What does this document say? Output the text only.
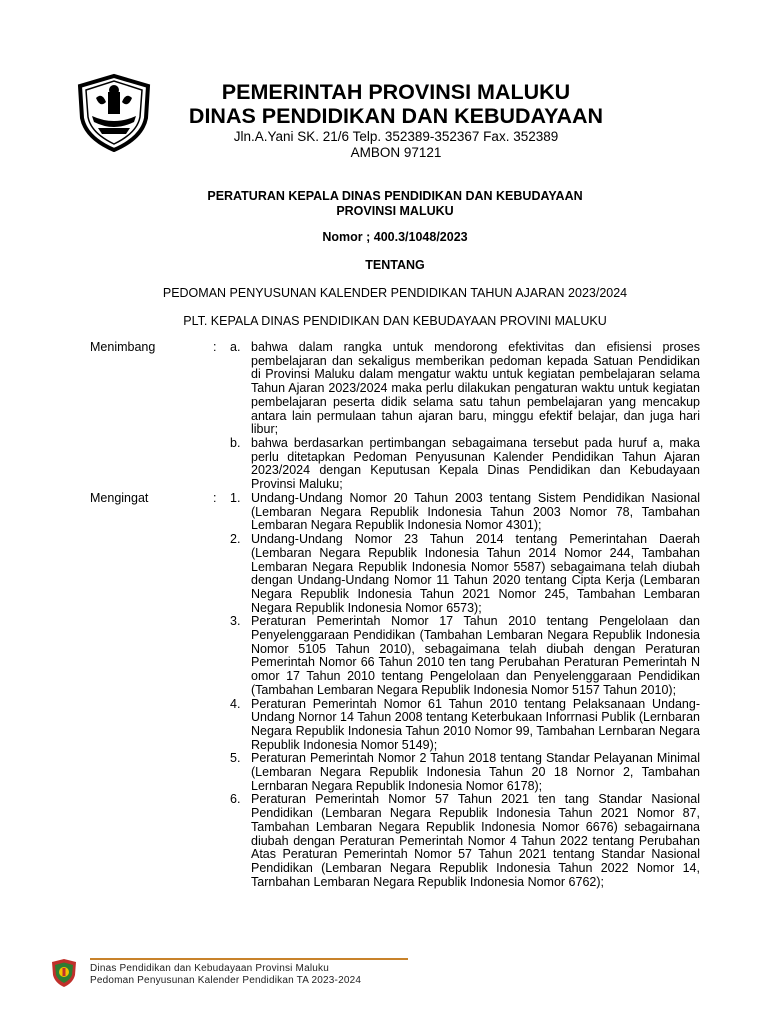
PEMERINTAH PROVINSI MALUKU
DINAS PENDIDIKAN DAN KEBUDAYAAN
Jln.A.Yani SK. 21/6 Telp. 352389-352367 Fax. 352389
AMBON 97121
PERATURAN KEPALA DINAS PENDIDIKAN DAN KEBUDAYAAN
PROVINSI MALUKU
Nomor ; 400.3/1048/2023
TENTANG
PEDOMAN PENYUSUNAN KALENDER PENDIDIKAN TAHUN AJARAN 2023/2024
PLT. KEPALA DINAS PENDIDIKAN DAN KEBUDAYAAN PROVINI MALUKU
Menimbang	: a. bahwa dalam rangka untuk mendorong efektivitas dan efisiensi proses pembelajaran dan sekaligus memberikan pedoman kepada Satuan Pendidikan di Provinsi Maluku dalam mengatur waktu untuk kegiatan pembelajaran selama Tahun Ajaran 2023/2024 maka perlu dilakukan pengaturan waktu untuk kegiatan pembelajaran peserta didik selama satu tahun pembelajaran yang mencakup antara lain permulaan tahun ajaran baru, minggu efektif belajar, dan juga hari libur;
b. bahwa berdasarkan pertimbangan sebagaimana tersebut pada huruf a, maka perlu ditetapkan Pedoman Penyusunan Kalender Pendidikan Tahun Ajaran 2023/2024 dengan Keputusan Kepala Dinas Pendidikan dan Kebudayaan Provinsi Maluku;
Mengingat	: 1. Undang-Undang Nomor 20 Tahun 2003 tentang Sistem Pendidikan Nasional (Lembaran Negara Republik Indonesia Tahun 2003 Nomor 78, Tambahan Lembaran Negara Republik Indonesia Nomor 4301);
2. Undang-Undang Nomor 23 Tahun 2014 tentang Pemerintahan Daerah (Lembaran Negara Republik Indonesia Tahun 2014 Nomor 244, Tambahan Lembaran Negara Republik Indonesia Nomor 5587) sebagaimana telah diubah dengan Undang-Undang Nomor 11 Tahun 2020 tentang Cipta Kerja (Lembaran Negara Republik Indonesia Tahun 2021 Nomor 245, Tambahan Lembaran Negara Republik Indonesia Nomor 6573);
3. Peraturan Pemerintah Nomor 17 Tahun 2010 tentang Pengelolaan dan Penyelenggaraan Pendidikan (Tambahan Lembaran Negara Republik Indonesia Nomor 5105 Tahun 2010), sebagaimana telah diubah dengan Peraturan Pemerintah Nomor 66 Tahun 2010 ten tang Perubahan Peraturan Pemerintah N omor 17 Tahun 2010 tentang Pengelolaan dan Penyelenggaraan Pendidikan (Tambahan Lembaran Negara Republik Indonesia Nomor 5157 Tahun 2010);
4. Peraturan Pemerintah Nomor 61 Tahun 2010 tentang Pelaksanaan Undang-Undang Nornor 14 Tahun 2008 tentang Keterbukaan Inforrnasi Publik (Lernbaran Negara Republik Indonesia Tahun 2010 Nomor 99, Tambahan Lernbaran Negara Republik Indonesia Nomor 5149);
5. Peraturan Pemerintah Nomor 2 Tahun 2018 tentang Standar Pelayanan Minimal (Lembaran Negara Republik Indonesia Tahun 20 18 Nornor 2, Tambahan Lernbaran Negara Republik Indonesia Nomor 6178);
6. Peraturan Pemerintah Nomor 57 Tahun 2021 ten tang Standar Nasional Pendidikan (Lembaran Negara Republik Indonesia Tahun 2021 Nomor 87, Tambahan Lembaran Negara Republik Indonesia Nomor 6676) sebagairnana diubah dengan Peraturan Pemerintah Nomor 4 Tahun 2022 tentang Perubahan Atas Peraturan Pemerintah Nomor 57 Tahun 2021 tentang Standar Nasional Pendidikan (Lembaran Negara Republik Indonesia Tahun 2022 Nomor 14, Tarnbahan Lembaran Negara Republik Indonesia Nomor 6762);
Dinas Pendidikan dan Kebudayaan Provinsi Maluku
Pedoman Penyusunan Kalender Pendidikan TA 2023-2024
